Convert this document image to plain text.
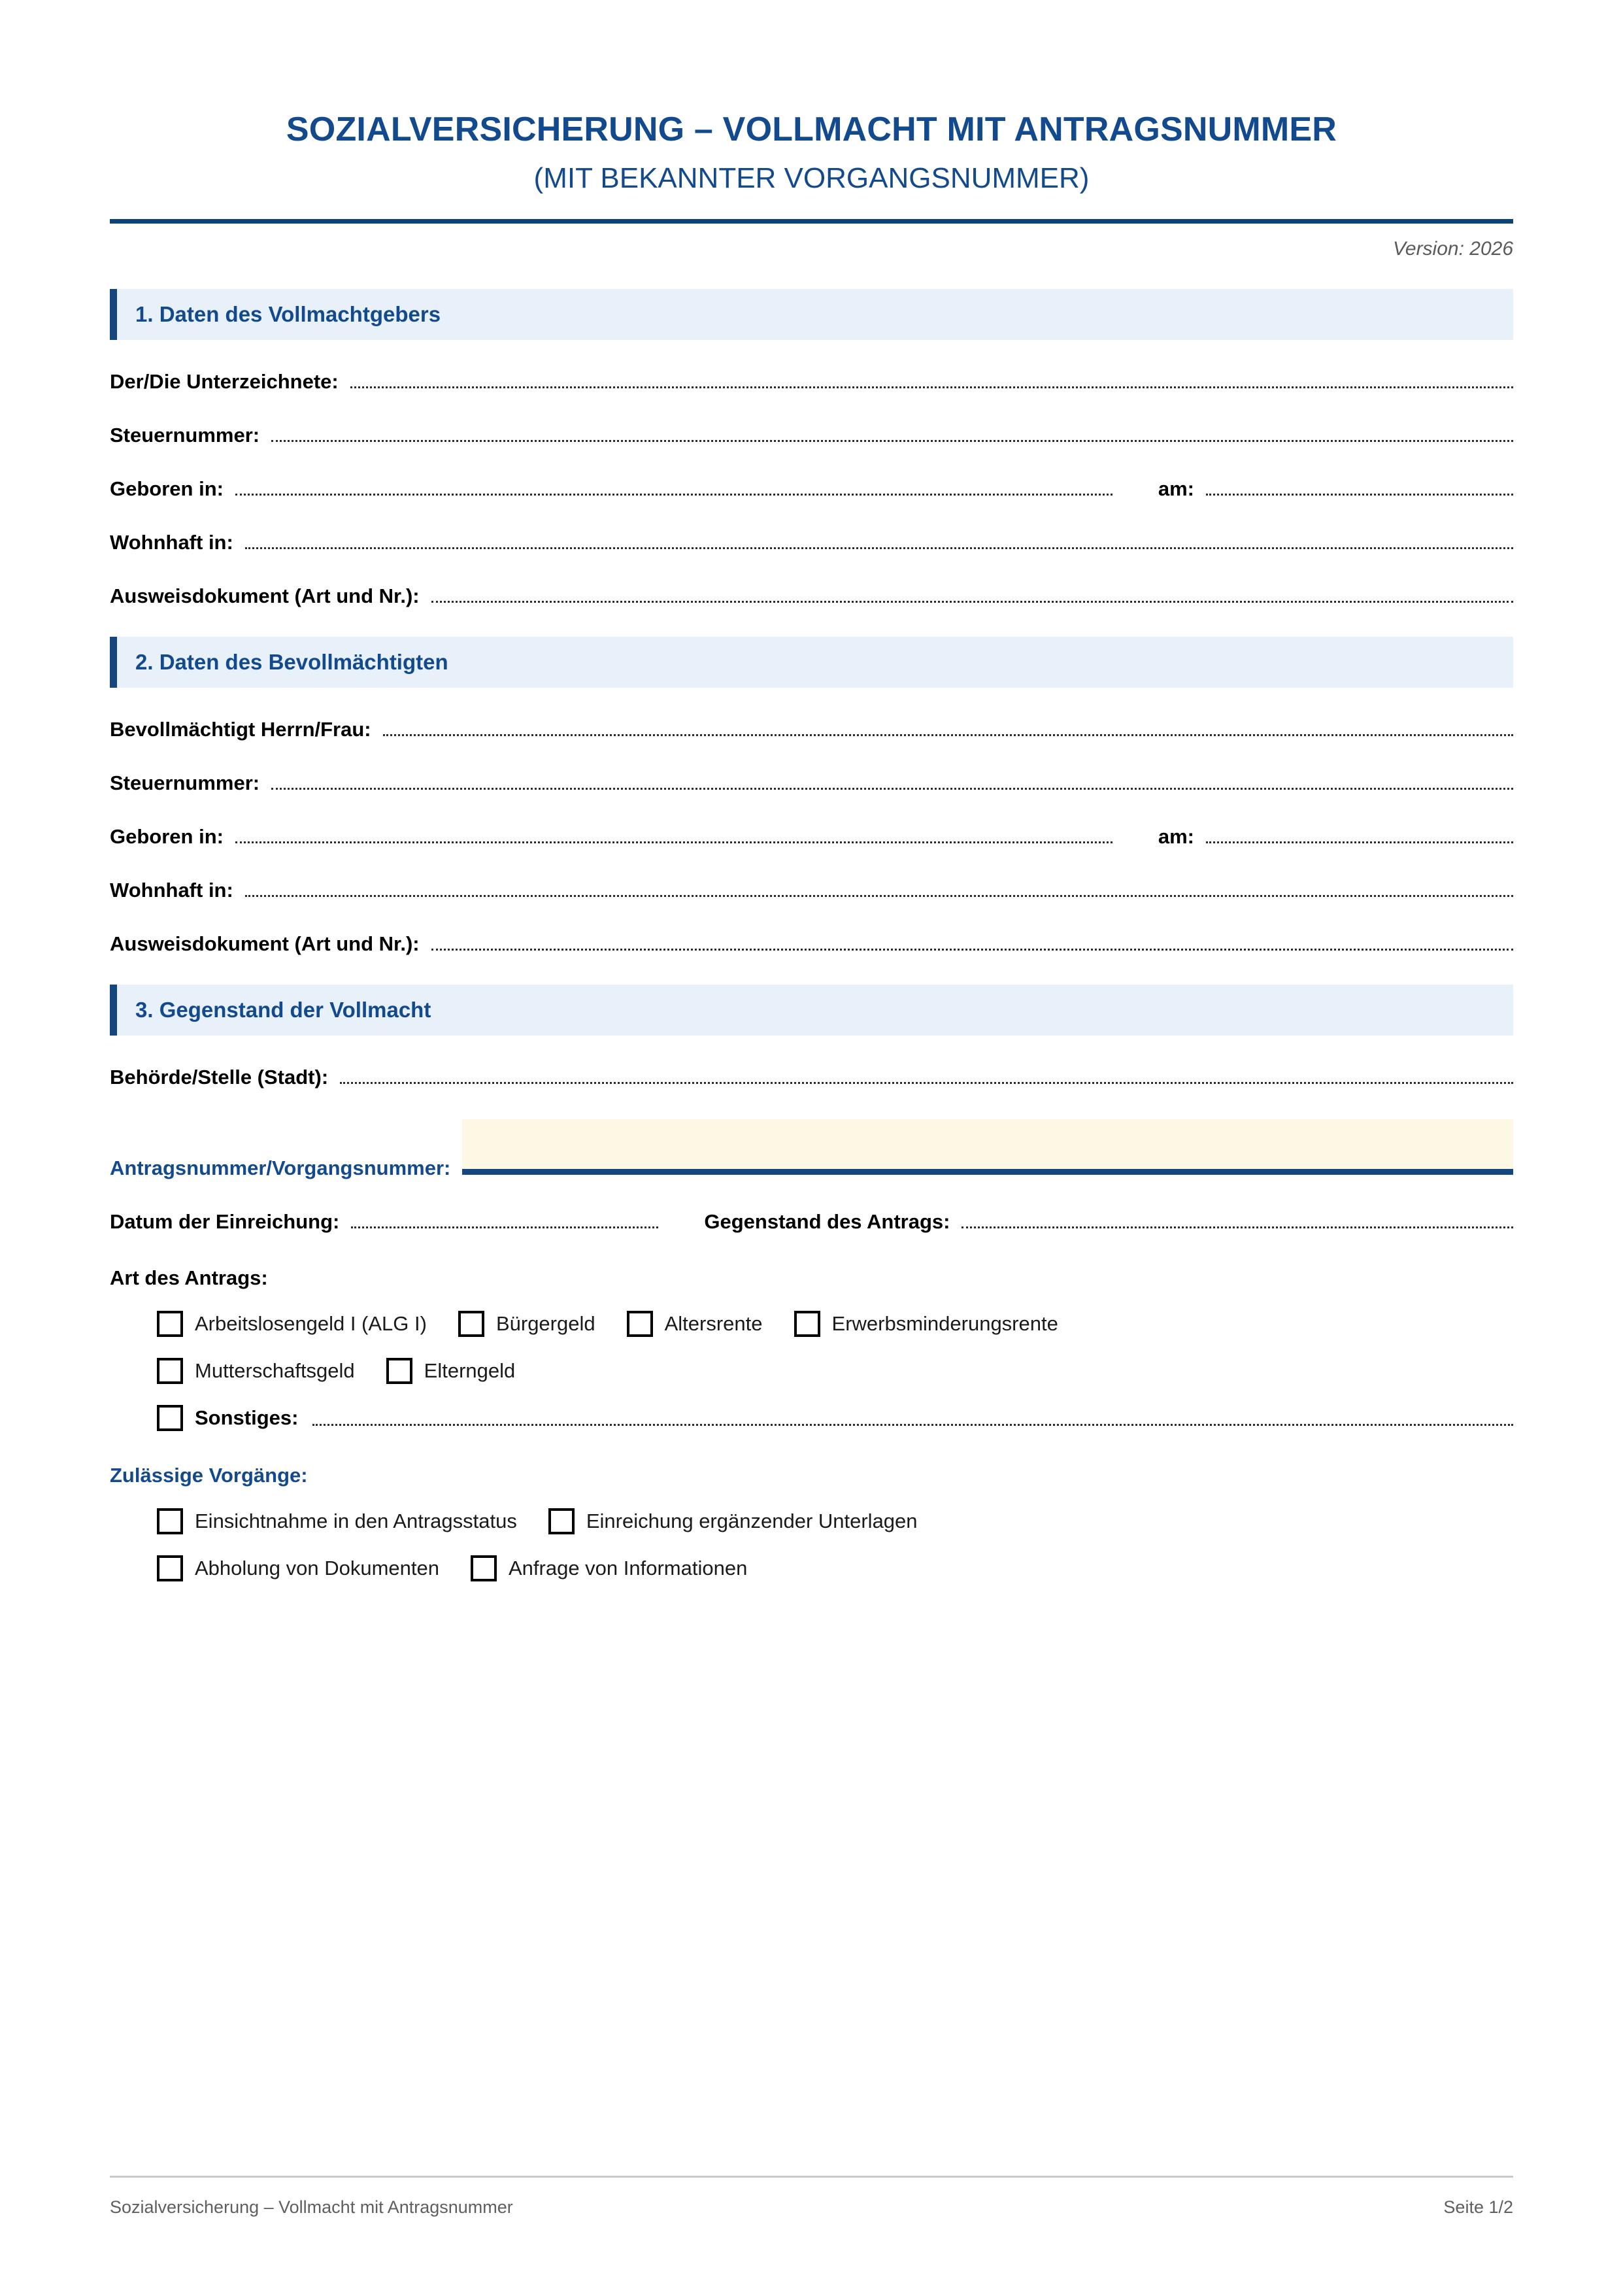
SOZIALVERSICHERUNG – VOLLMACHT MIT ANTRAGSNUMMER
(MIT BEKANNTER VORGANGSNUMMER)
Version: 2026
1. Daten des Vollmachtgebers
Der/Die Unterzeichnete:
Steuernummer:
Geboren in:	am:
Wohnhaft in:
Ausweisdokument (Art und Nr.):
2. Daten des Bevollmächtigten
Bevollmächtigt Herrn/Frau:
Steuernummer:
Geboren in:	am:
Wohnhaft in:
Ausweisdokument (Art und Nr.):
3. Gegenstand der Vollmacht
Behörde/Stelle (Stadt):
Antragsnummer/Vorgangsnummer:
Datum der Einreichung:	Gegenstand des Antrags:
Art des Antrags:
Arbeitslosengeld I (ALG I)	Bürgergeld	Altersrente	Erwerbsminderungsrente
Mutterschaftsgeld	Elterngeld
Sonstiges:
Zulässige Vorgänge:
Einsichtnahme in den Antragsstatus	Einreichung ergänzender Unterlagen
Abholung von Dokumenten	Anfrage von Informationen
Sozialversicherung – Vollmacht mit Antragsnummer	Seite 1/2
